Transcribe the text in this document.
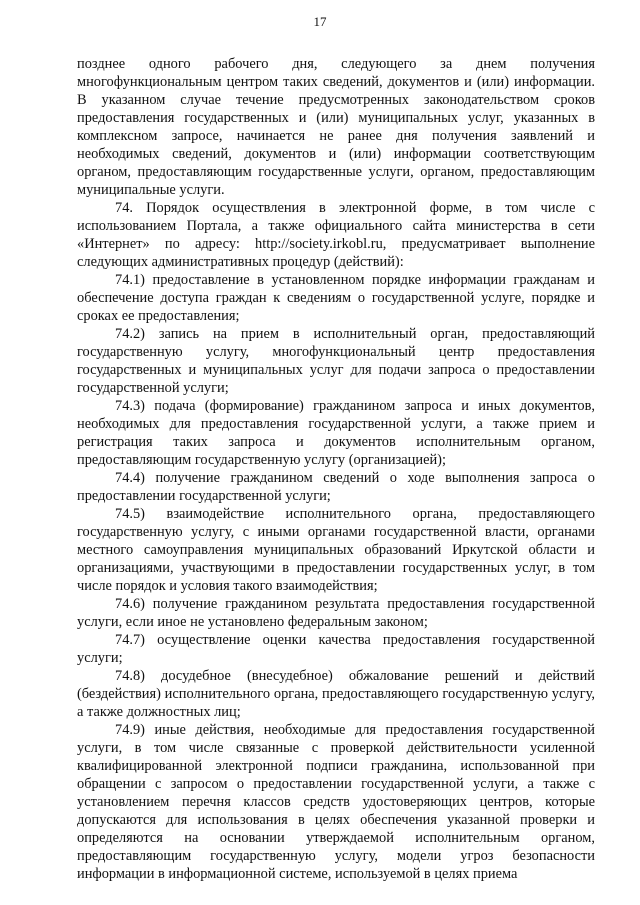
17

позднее одного рабочего дня, следующего за днем получения многофункциональным центром таких сведений, документов и (или) информации. В указанном случае течение предусмотренных законодательством сроков предоставления государственных и (или) муниципальных услуг, указанных в комплексном запросе, начинается не ранее дня получения заявлений и необходимых сведений, документов и (или) информации соответствующим органом, предоставляющим государственные услуги, органом, предоставляющим муниципальные услуги.

74. Порядок осуществления в электронной форме, в том числе с использованием Портала, а также официального сайта министерства в сети «Интернет» по адресу: http://society.irkobl.ru, предусматривает выполнение следующих административных процедур (действий):

74.1) предоставление в установленном порядке информации гражданам и обеспечение доступа граждан к сведениям о государственной услуге, порядке и сроках ее предоставления;

74.2) запись на прием в исполнительный орган, предоставляющий государственную услугу, многофункциональный центр предоставления государственных и муниципальных услуг для подачи запроса о предоставлении государственной услуги;

74.3) подача (формирование) гражданином запроса и иных документов, необходимых для предоставления государственной услуги, а также прием и регистрация таких запроса и документов исполнительным органом, предоставляющим государственную услугу (организацией);

74.4) получение гражданином сведений о ходе выполнения запроса о предоставлении государственной услуги;

74.5) взаимодействие исполнительного органа, предоставляющего государственную услугу, с иными органами государственной власти, органами местного самоуправления муниципальных образований Иркутской области и организациями, участвующими в предоставлении государственных услуг, в том числе порядок и условия такого взаимодействия;

74.6) получение гражданином результата предоставления государственной услуги, если иное не установлено федеральным законом;

74.7) осуществление оценки качества предоставления государственной услуги;

74.8) досудебное (внесудебное) обжалование решений и действий (бездействия) исполнительного органа, предоставляющего государственную услугу, а также должностных лиц;

74.9) иные действия, необходимые для предоставления государственной услуги, в том числе связанные с проверкой действительности усиленной квалифицированной электронной подписи гражданина, использованной при обращении с запросом о предоставлении государственной услуги, а также с установлением перечня классов средств удостоверяющих центров, которые допускаются для использования в целях обеспечения указанной проверки и определяются на основании утверждаемой исполнительным органом, предоставляющим государственную услугу, модели угроз безопасности информации в информационной системе, используемой в целях приема
